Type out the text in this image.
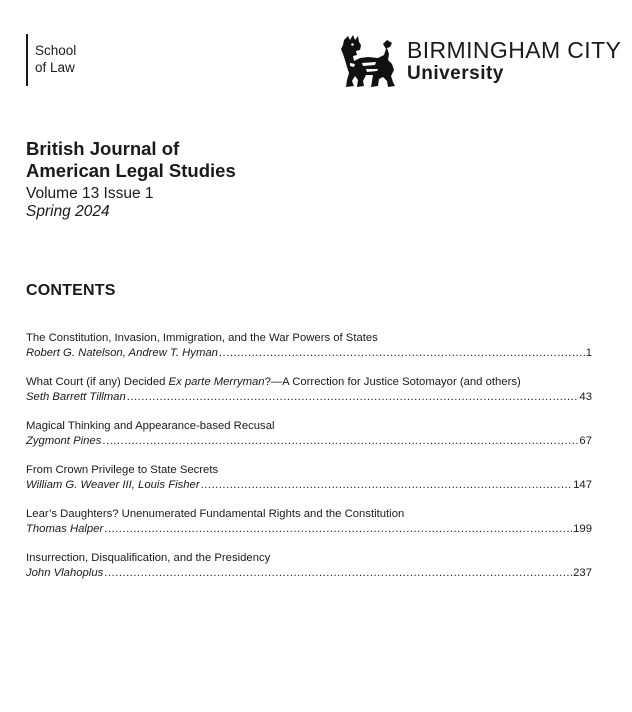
School
of Law
BIRMINGHAM CITY
University
British Journal of
American Legal Studies
Volume 13 Issue 1
Spring 2024
CONTENTS
The Constitution, Invasion, Immigration, and the War Powers of States
Robert G. Natelson, Andrew T. Hyman .....	1
What Court (if any) Decided Ex parte Merryman?—A Correction for Justice Sotomayor (and others)
Seth Barrett Tillman .....	43
Magical Thinking and Appearance-based Recusal
Zygmont Pines .....	67
From Crown Privilege to State Secrets
William G. Weaver III, Louis Fisher .....	147
Lear’s Daughters? Unenumerated Fundamental Rights and the Constitution
Thomas Halper .....	199
Insurrection, Disqualification, and the Presidency
John Vlahoplus .....	237
